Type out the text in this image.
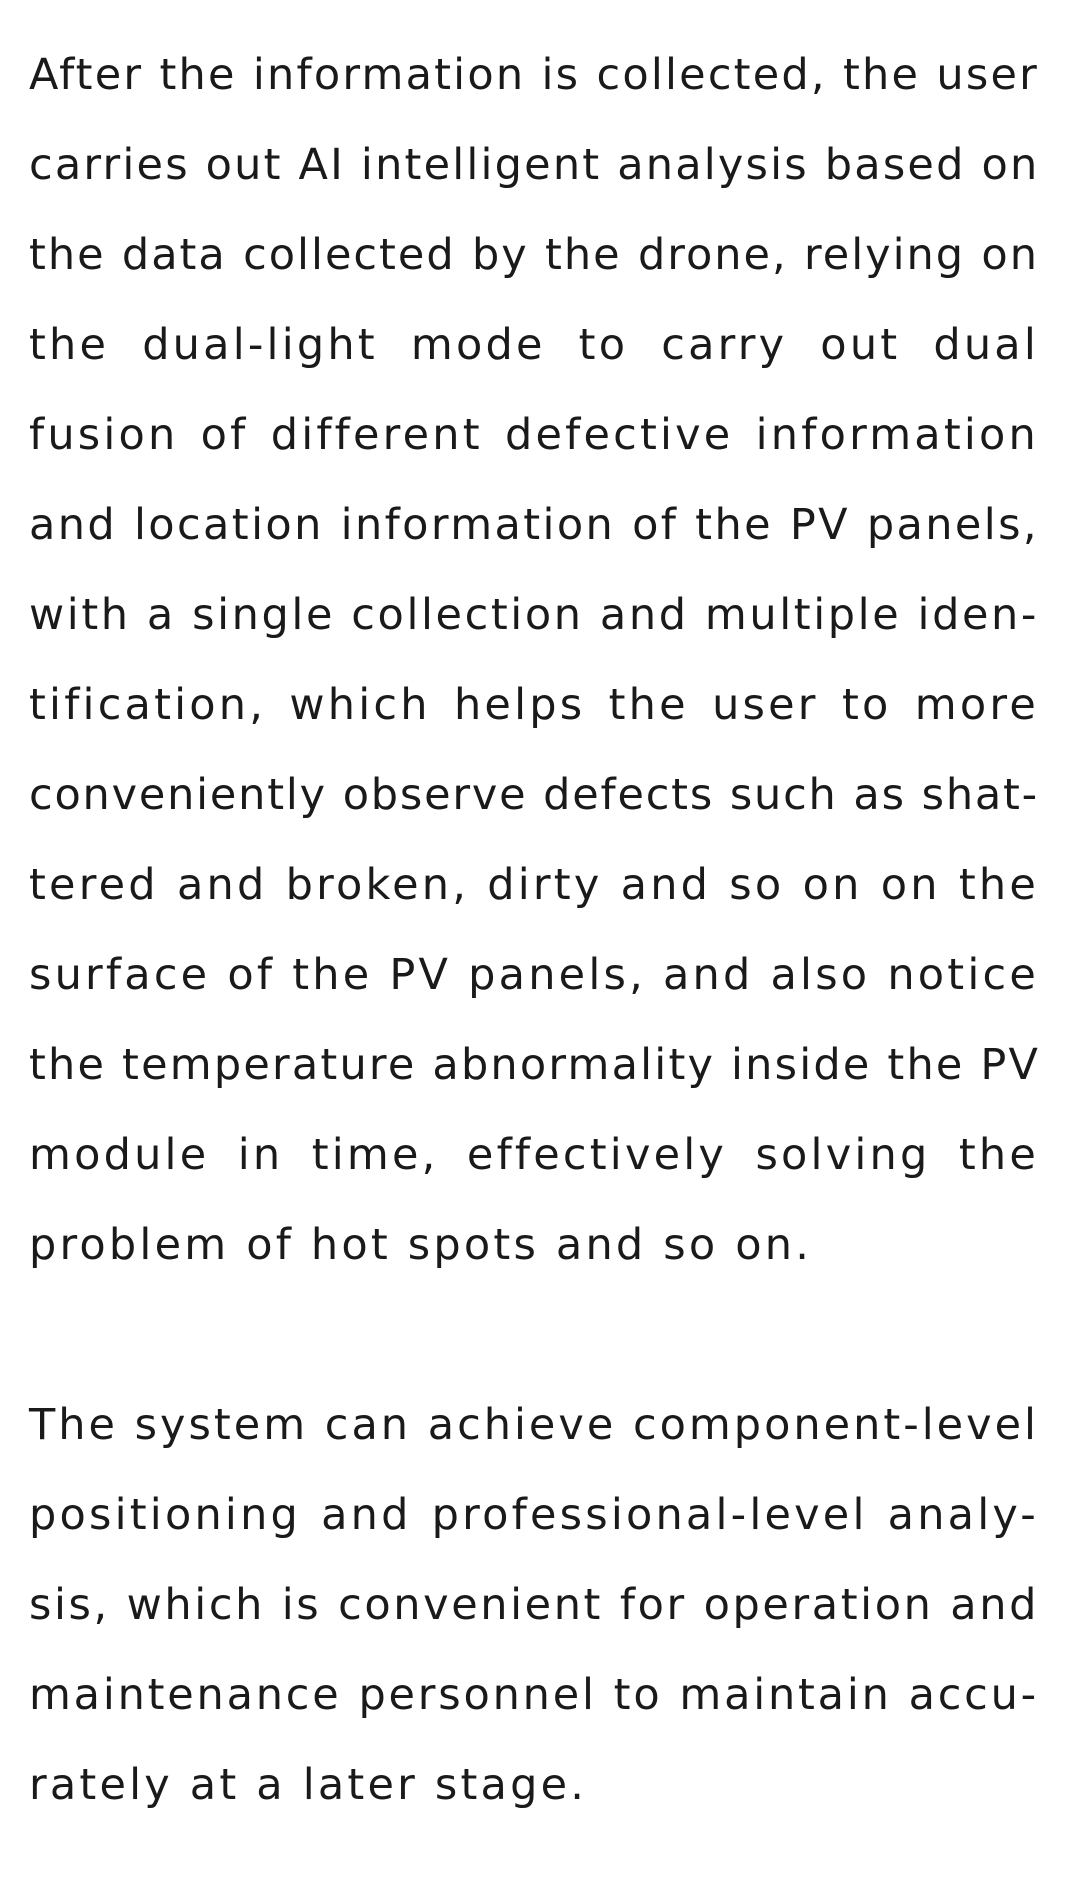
After the information is collected, the user
carries out AI intelligent analysis based on
the data collected by the drone, relying on
the dual-light mode to carry out dual
fusion of different defective information
and location information of the PV panels,
with a single collection and multiple iden-
tification, which helps the user to more
conveniently observe defects such as shat-
tered and broken, dirty and so on on the
surface of the PV panels, and also notice
the temperature abnormality inside the PV
module in time, effectively solving the
problem of hot spots and so on.
The system can achieve component-level
positioning and professional-level analy-
sis, which is convenient for operation and
maintenance personnel to maintain accu-
rately at a later stage.
